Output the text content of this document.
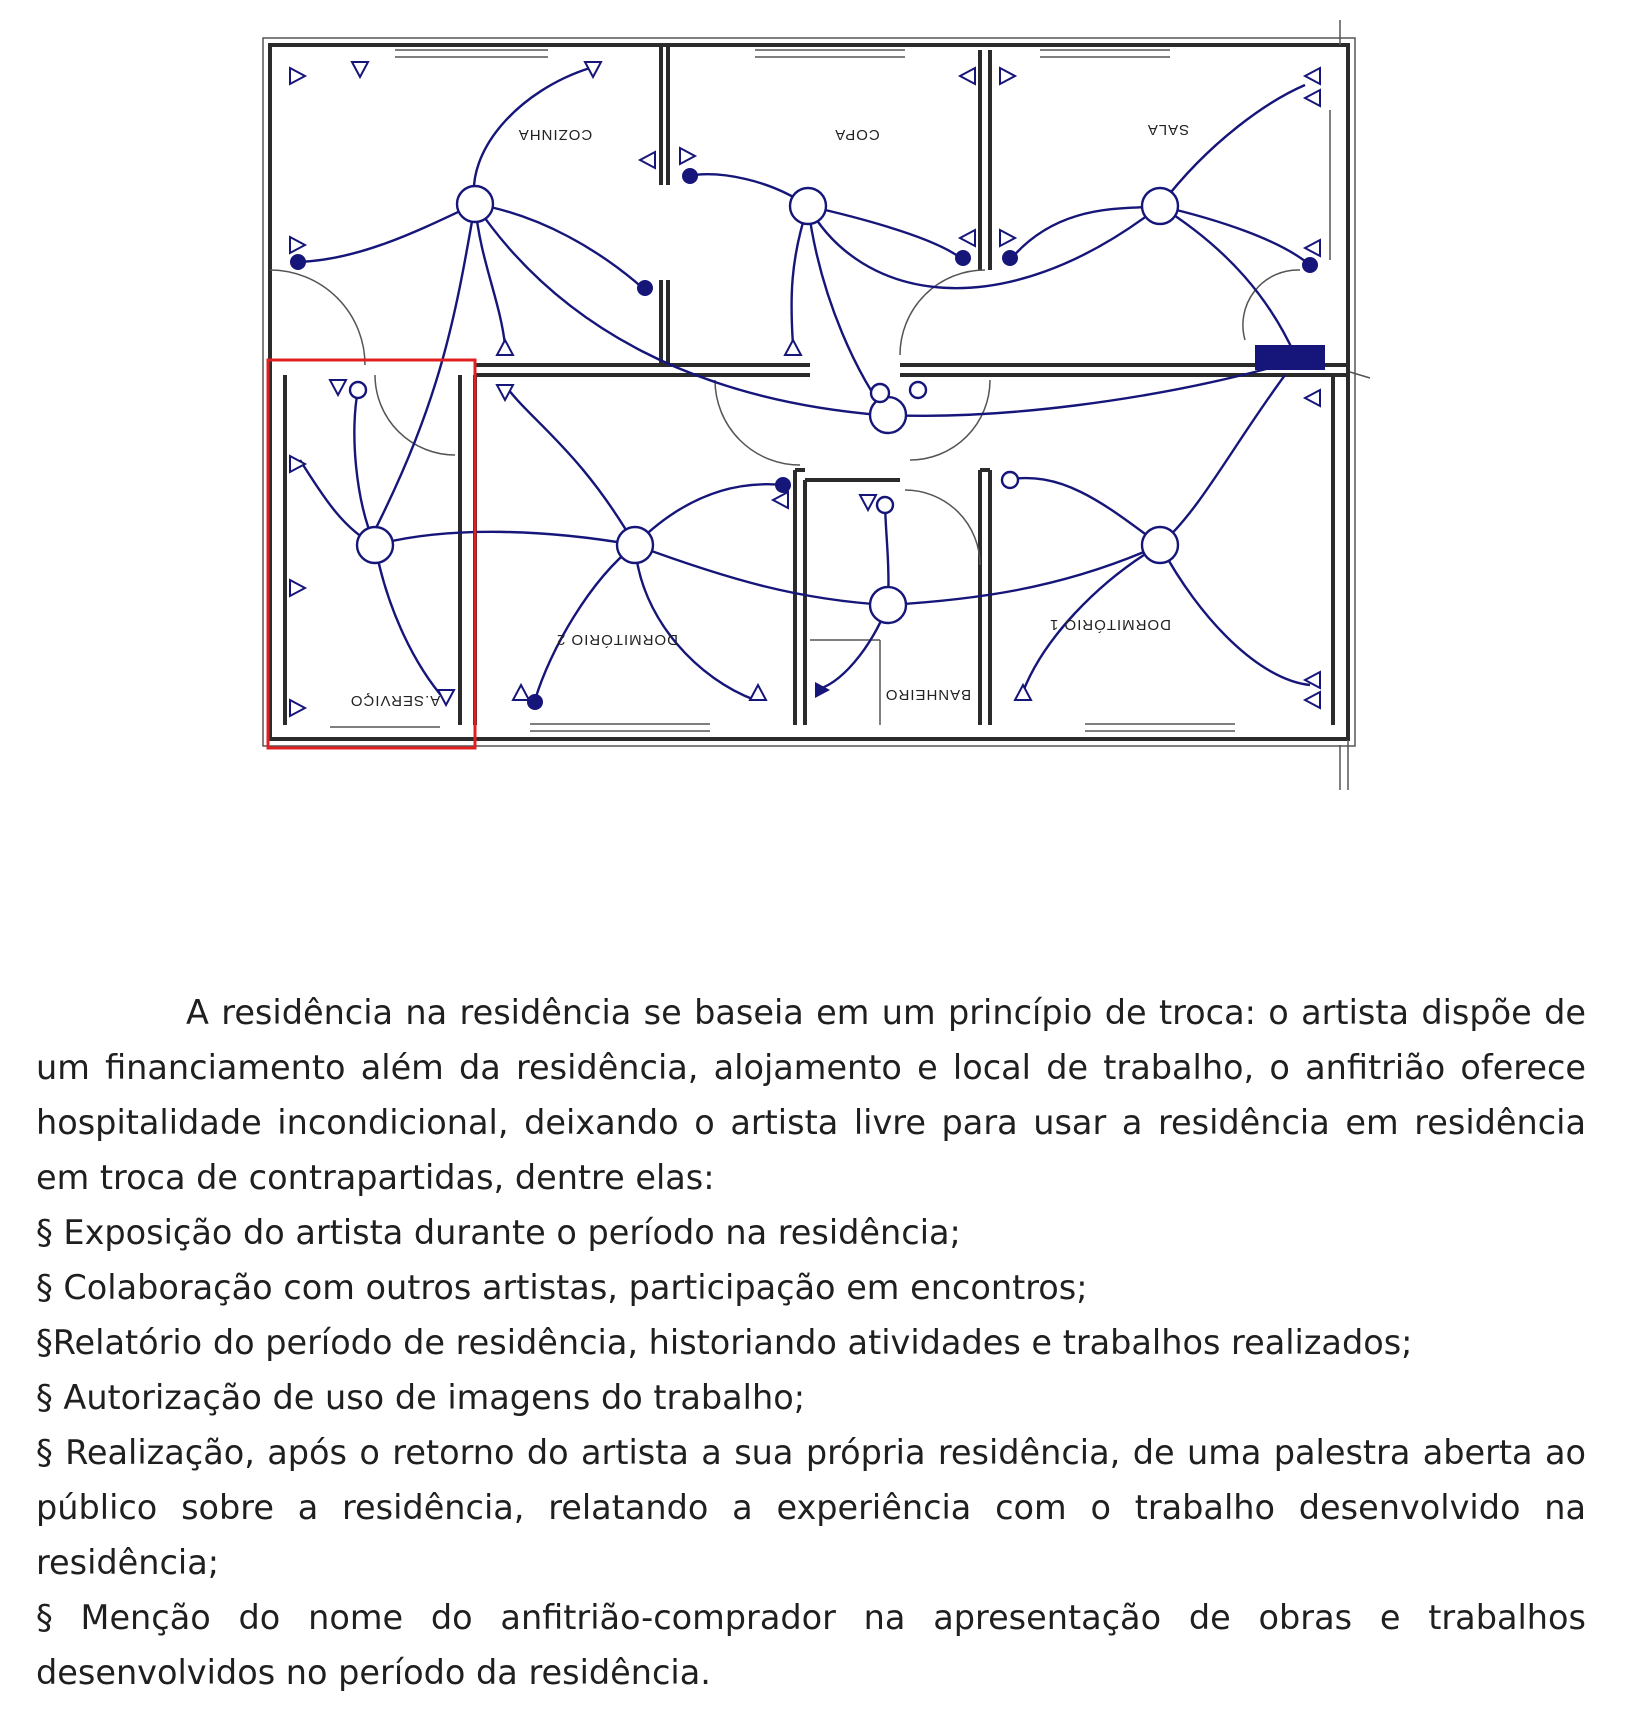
COZINHA	COPA	SALA
A.SERVIÇO
DORMITÓRIO 2
BANHEIRO
DORMITÓRIO 1

A residência na residência se baseia em um princípio de troca: o artista dispõe de um financiamento além da residência, alojamento e local de trabalho, o anfitrião oferece hospitalidade incondicional, deixando o artista livre para usar a residência em residência em troca de contrapartidas, dentre elas:

§ Exposição do artista durante o período na residência;

§ Colaboração com outros artistas, participação em encontros;

§Relatório do período de residência, historiando atividades e trabalhos realizados;

§ Autorização de uso de imagens do trabalho;

§ Realização, após o retorno do artista a sua própria residência, de uma palestra aberta ao público sobre a residência, relatando a experiência com o trabalho desenvolvido na residência;

§ Menção do nome do anfitrião-comprador na apresentação de obras e trabalhos desenvolvidos no período da residência.
